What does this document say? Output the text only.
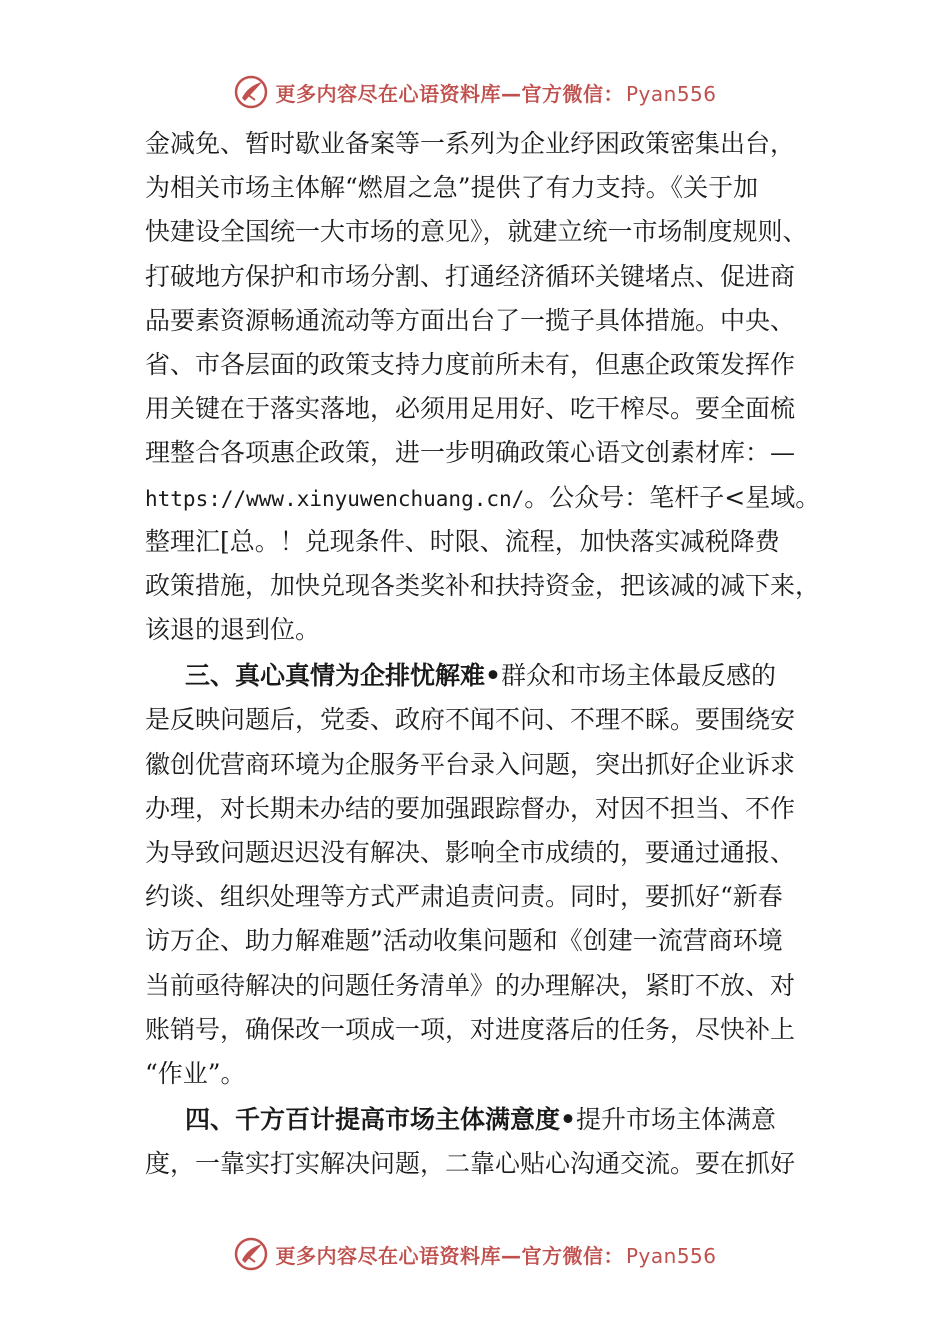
更多内容尽在心语资料库—官方微信： Pyan556
金减免、暂时歇业备案等一系列为企业纾困政策密集出台，
为相关市场主体解“燃眉之急”提供了有力支持。《关于加
快建设全国统一大市场的意见》，就建立统一市场制度规则、
打破地方保护和市场分割、打通经济循环关键堵点、促进商
品要素资源畅通流动等方面出台了一揽子具体措施。中央、
省、市各层面的政策支持力度前所未有，但惠企政策发挥作
用关键在于落实落地，必须用足用好、吃干榨尽。要全面梳
理整合各项惠企政策，进一步明确政策心语文创素材库：—
https://www.xinyuwenchuang.cn/。公众号：笔杆子<星域。
整理汇[总。！兑现条件、时限、流程，加快落实减税降费
政策措施，加快兑现各类奖补和扶持资金，把该减的减下来，
该退的退到位。
三、真心真情为企排忧解难•群众和市场主体最反感的
是反映问题后，党委、政府不闻不问、不理不睬。要围绕安
徽创优营商环境为企服务平台录入问题，突出抓好企业诉求
办理，对长期未办结的要加强跟踪督办，对因不担当、不作
为导致问题迟迟没有解决、影响全市成绩的，要通过通报、
约谈、组织处理等方式严肃追责问责。同时，要抓好“新春
访万企、助力解难题”活动收集问题和《创建一流营商环境
当前亟待解决的问题任务清单》的办理解决，紧盯不放、对
账销号，确保改一项成一项，对进度落后的任务，尽快补上
“作业”。
四、千方百计提高市场主体满意度•提升市场主体满意
度，一靠实打实解决问题，二靠心贴心沟通交流。要在抓好
更多内容尽在心语资料库—官方微信： Pyan556
